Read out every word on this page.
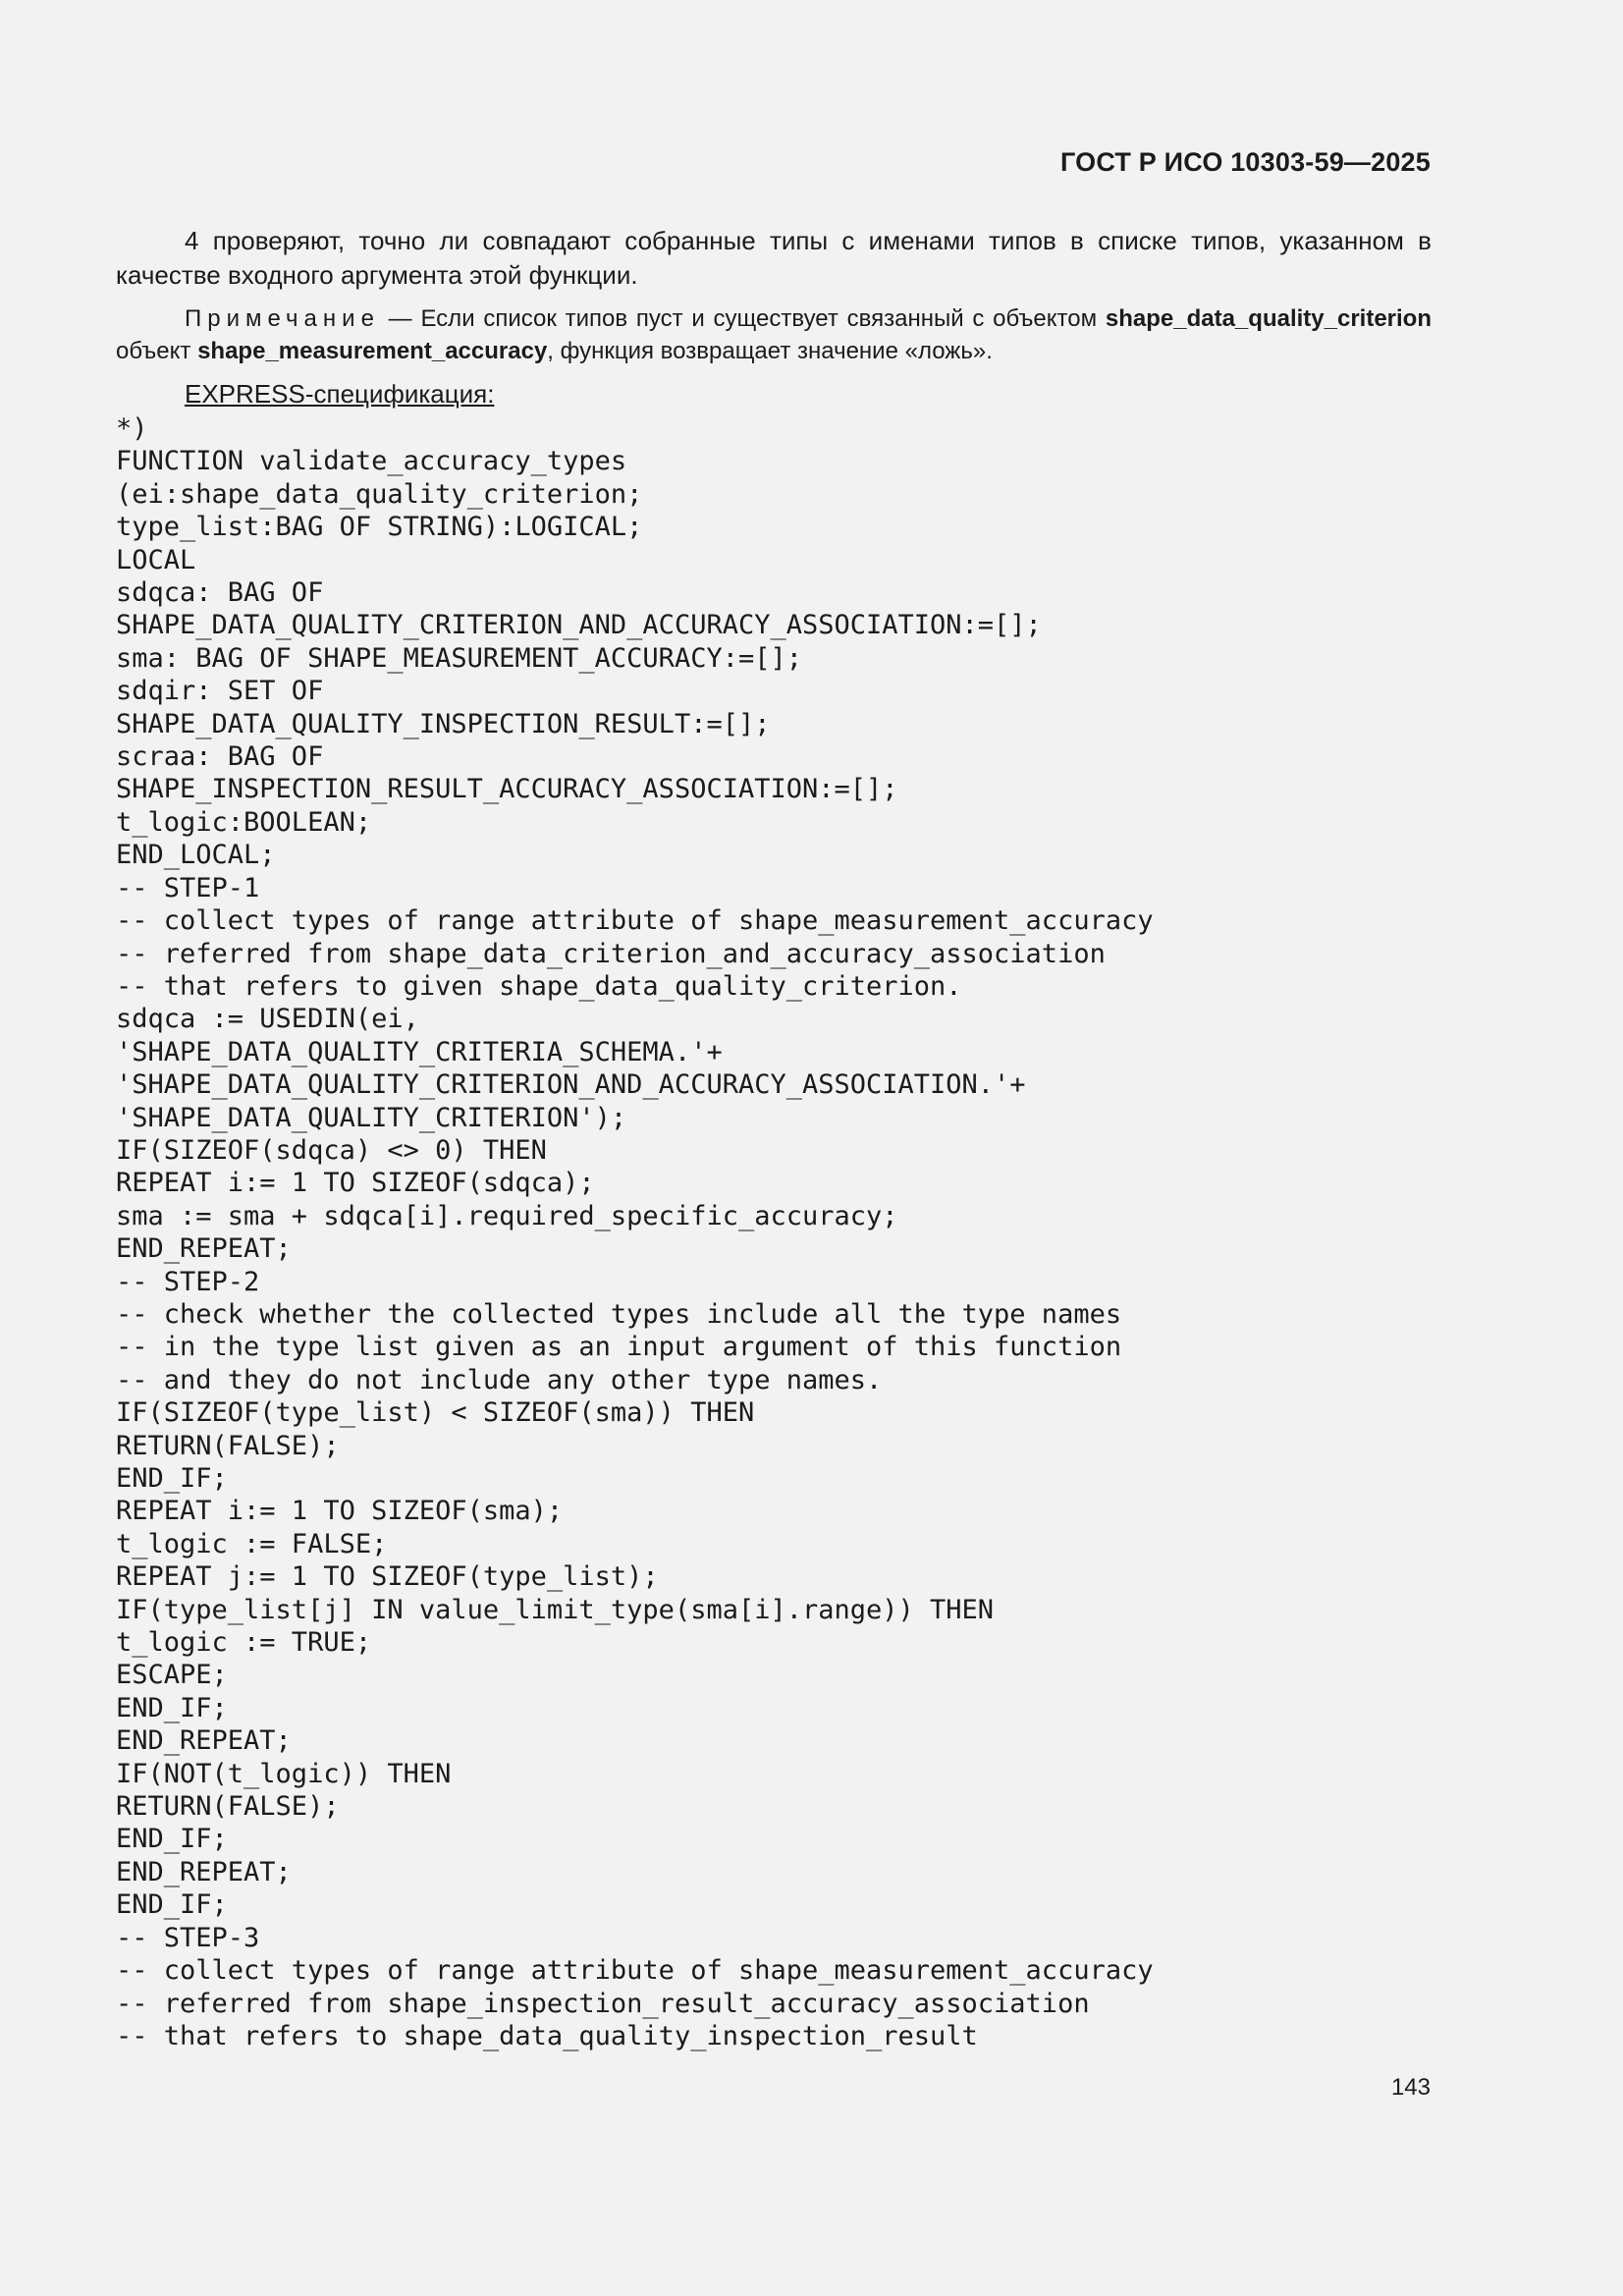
ГОСТ Р ИСО 10303-59—2025
4 проверяют, точно ли совпадают собранные типы с именами типов в списке типов, указанном в качестве входного аргумента этой функции.
Примечание — Если список типов пуст и существует связанный с объектом shape_data_quality_criterion объект shape_measurement_accuracy, функция возвращает значение «ложь».
EXPRESS-спецификация:
*)
FUNCTION validate_accuracy_types
(ei:shape_data_quality_criterion;
type_list:BAG OF STRING):LOGICAL;
LOCAL
sdqca: BAG OF
SHAPE_DATA_QUALITY_CRITERION_AND_ACCURACY_ASSOCIATION:=[];
sma: BAG OF SHAPE_MEASUREMENT_ACCURACY:=[];
sdqir: SET OF
SHAPE_DATA_QUALITY_INSPECTION_RESULT:=[];
scraa: BAG OF
SHAPE_INSPECTION_RESULT_ACCURACY_ASSOCIATION:=[];
t_logic:BOOLEAN;
END_LOCAL;
-- STEP-1
-- collect types of range attribute of shape_measurement_accuracy
-- referred from shape_data_criterion_and_accuracy_association
-- that refers to given shape_data_quality_criterion.
sdqca := USEDIN(ei,
'SHAPE_DATA_QUALITY_CRITERIA_SCHEMA.'+
'SHAPE_DATA_QUALITY_CRITERION_AND_ACCURACY_ASSOCIATION.'+
'SHAPE_DATA_QUALITY_CRITERION');
IF(SIZEOF(sdqca) <> 0) THEN
REPEAT i:= 1 TO SIZEOF(sdqca);
sma := sma + sdqca[i].required_specific_accuracy;
END_REPEAT;
-- STEP-2
-- check whether the collected types include all the type names
-- in the type list given as an input argument of this function
-- and they do not include any other type names.
IF(SIZEOF(type_list) < SIZEOF(sma)) THEN
RETURN(FALSE);
END_IF;
REPEAT i:= 1 TO SIZEOF(sma);
t_logic := FALSE;
REPEAT j:= 1 TO SIZEOF(type_list);
IF(type_list[j] IN value_limit_type(sma[i].range)) THEN
t_logic := TRUE;
ESCAPE;
END_IF;
END_REPEAT;
IF(NOT(t_logic)) THEN
RETURN(FALSE);
END_IF;
END_REPEAT;
END_IF;
-- STEP-3
-- collect types of range attribute of shape_measurement_accuracy
-- referred from shape_inspection_result_accuracy_association
-- that refers to shape_data_quality_inspection_result
143
